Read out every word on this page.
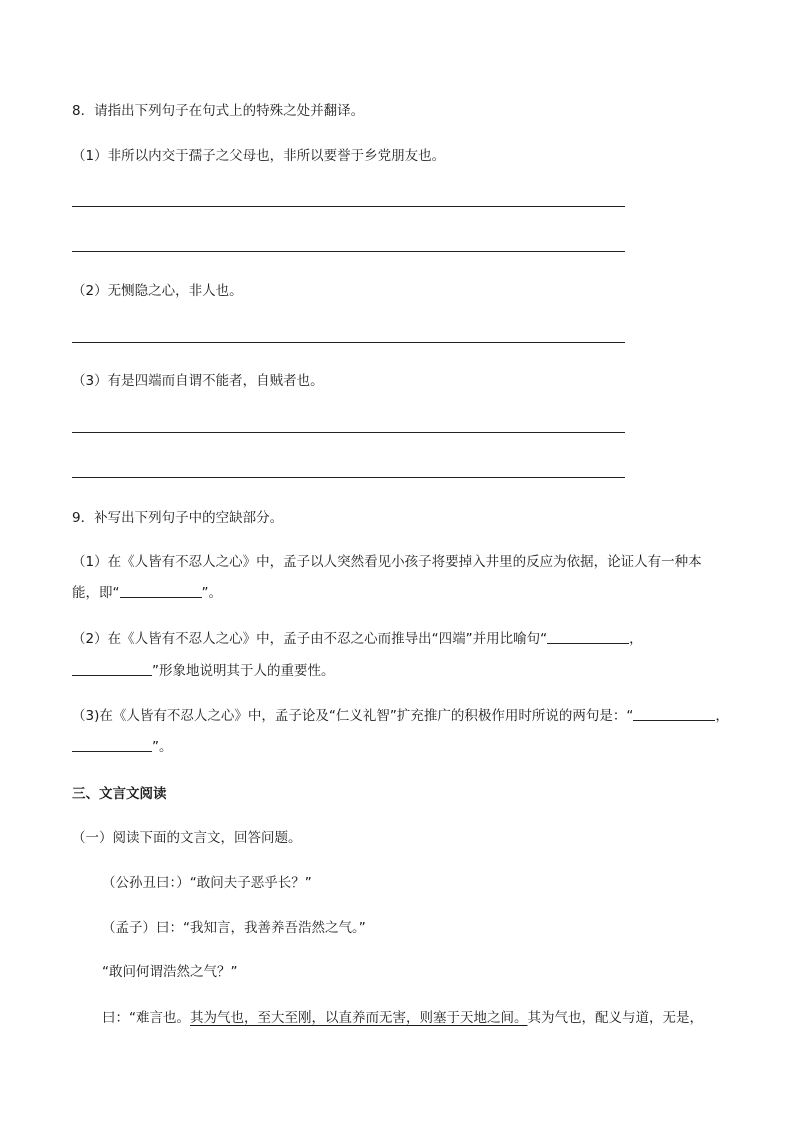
8．请指出下列句子在句式上的特殊之处并翻译。
（1）非所以内交于孺子之父母也，非所以要誉于乡党朋友也。
（2）无恻隐之心，非人也。
（3）有是四端而自谓不能者，自贼者也。
9．补写出下列句子中的空缺部分。
（1）在《人皆有不忍人之心》中，孟子以人突然看见小孩子将要掉入井里的反应为依据，论证人有一种本
能，即“	”。
（2）在《人皆有不忍人之心》中，孟子由不忍之心而推导出“四端”并用比喻句“	，
”形象地说明其于人的重要性。
（3)在《人皆有不忍人之心》中，孟子论及“仁义礼智”扩充推广的积极作用时所说的两句是：“	，
”。
三、文言文阅读
（一）阅读下面的文言文，回答问题。
（公孙丑曰：）“敢问夫子恶乎长？”
（孟子）曰：“我知言，我善养吾浩然之气。”
“敢问何谓浩然之气？”
曰：“难言也。其为气也，至大至刚，以直养而无害，则塞于天地之间。其为气也，配义与道，无是，
